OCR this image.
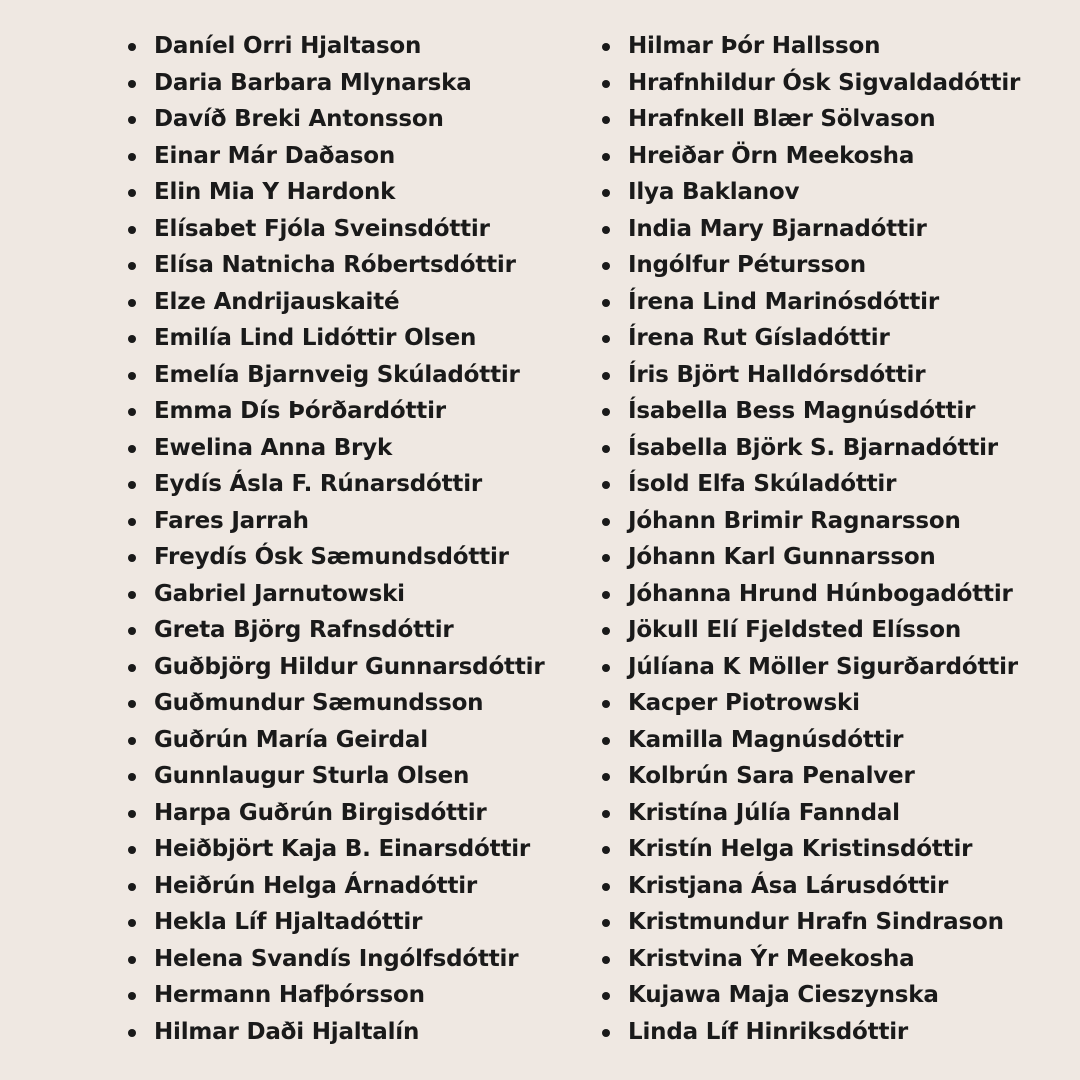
Daníel Orri Hjaltason
Daria Barbara Mlynarska
Davíð Breki Antonsson
Einar Már Daðason
Elin Mia Y Hardonk
Elísabet Fjóla Sveinsdóttir
Elísa Natnicha Róbertsdóttir
Elze Andrijauskaité
Emilía Lind Lidóttir Olsen
Emelía Bjarnveig Skúladóttir
Emma Dís Þórðardóttir
Ewelina Anna Bryk
Eydís Ásla F. Rúnarsdóttir
Fares Jarrah
Freydís Ósk Sæmundsdóttir
Gabriel Jarnutowski
Greta Björg Rafnsdóttir
Guðbjörg Hildur Gunnarsdóttir
Guðmundur Sæmundsson
Guðrún María Geirdal
Gunnlaugur Sturla Olsen
Harpa Guðrún Birgisdóttir
Heiðbjört Kaja B. Einarsdóttir
Heiðrún Helga Árnadóttir
Hekla Líf Hjaltadóttir
Helena Svandís Ingólfsdóttir
Hermann Hafþórsson
Hilmar Daði Hjaltalín
Hilmar Þór Hallsson
Hrafnhildur Ósk Sigvaldadóttir
Hrafnkell Blær Sölvason
Hreiðar Örn Meekosha
Ilya Baklanov
India Mary Bjarnadóttir
Ingólfur Pétursson
Írena Lind Marinósdóttir
Írena Rut Gísladóttir
Íris Björt Halldórsdóttir
Ísabella Bess Magnúsdóttir
Ísabella Björk S. Bjarnadóttir
Ísold Elfa Skúladóttir
Jóhann Brimir Ragnarsson
Jóhann Karl Gunnarsson
Jóhanna Hrund Húnbogadóttir
Jökull Elí Fjeldsted Elísson
Júlíana K Möller Sigurðardóttir
Kacper Piotrowski
Kamilla Magnúsdóttir
Kolbrún Sara Penalver
Kristína Júlía Fanndal
Kristín Helga Kristinsdóttir
Kristjana Ása Lárusdóttir
Kristmundur Hrafn Sindrason
Kristvina Ýr Meekosha
Kujawa Maja Cieszynska
Linda Líf Hinriksdóttir
